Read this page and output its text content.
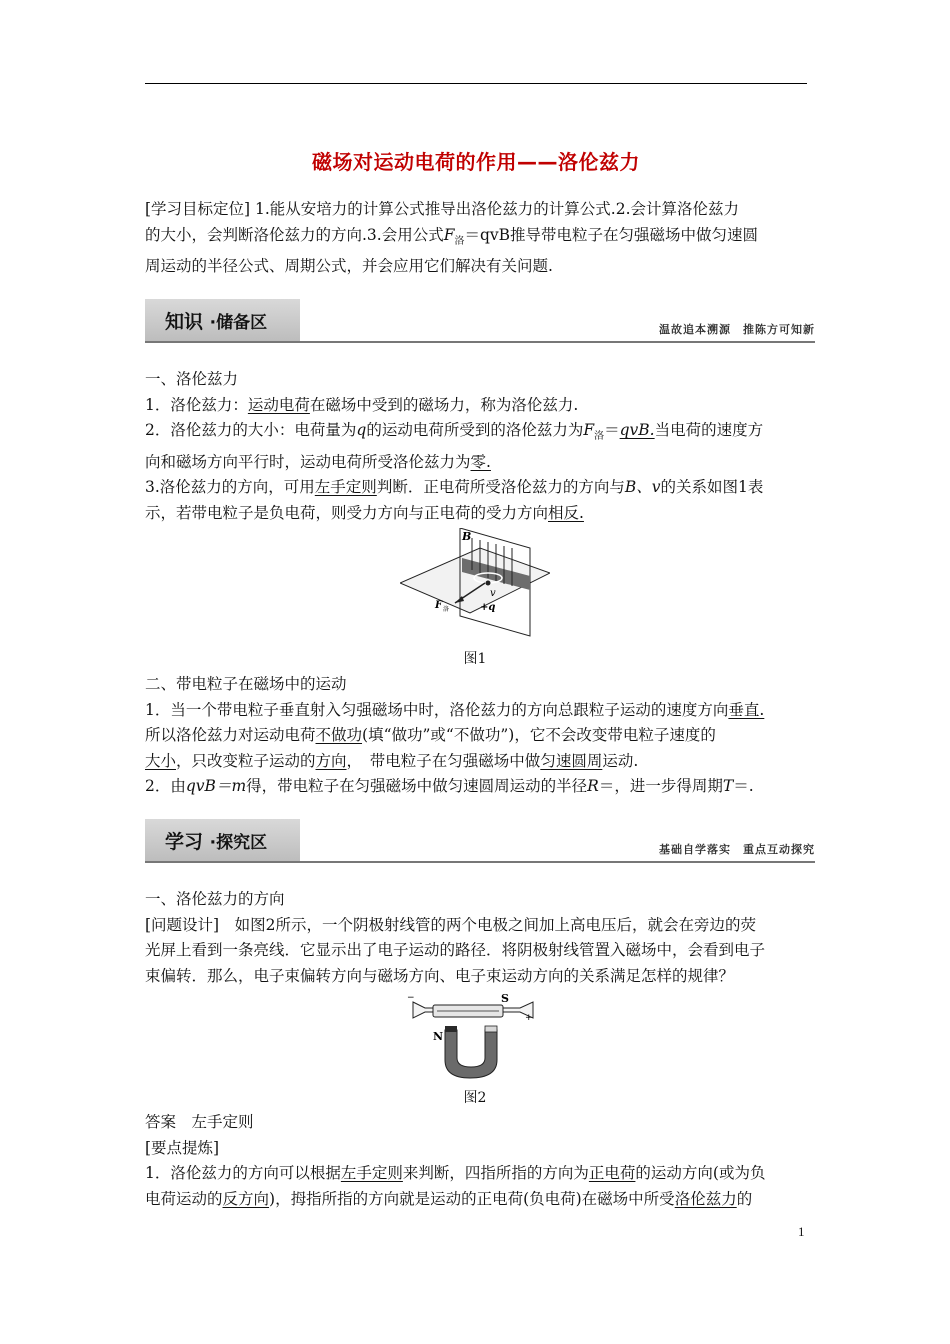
磁场对运动电荷的作用——洛伦兹力
[学习目标定位] 1.能从安培力的计算公式推导出洛伦兹力的计算公式.2.会计算洛伦兹力
的大小，会判断洛伦兹力的方向.3.会用公式$F_洛=qvB$推导带电粒子在匀强磁场中做匀速圆
周运动的半径公式、周期公式，并会应用它们解决有关问题.
知识 ·储备区	温故追本溯源　推陈方可知新
一、洛伦兹力
1．洛伦兹力：运动电荷在磁场中受到的磁场力，称为洛伦兹力.
2．洛伦兹力的大小：电荷量为q的运动电荷所受到的洛伦兹力为$F_洛=qvB$.当电荷的速度方
向和磁场方向平行时，运动电荷所受洛伦兹力为零.
3.洛伦兹力的方向，可用左手定则判断．正电荷所受洛伦兹力的方向与B、v的关系如图1表
示，若带电粒子是负电荷，则受力方向与正电荷的受力方向相反.
B
v
F 洛	+q
图1
二、带电粒子在磁场中的运动
1．当一个带电粒子垂直射入匀强磁场中时，洛伦兹力的方向总跟粒子运动的速度方向垂直.
所以洛伦兹力对运动电荷不做功(填“做功”或“不做功”)，它不会改变带电粒子速度的
大小，只改变粒子运动的方向，　带电粒子在匀强磁场中做匀速圆周运动.
2．由qvB＝m得，带电粒子在匀强磁场中做匀速圆周运动的半径R＝，进一步得周期T＝.
学习 ·探究区	基础自学落实　重点互动探究
一、洛伦兹力的方向
[问题设计]　如图2所示，一个阴极射线管的两个电极之间加上高电压后，就会在旁边的荧
光屏上看到一条亮线．它显示出了电子运动的路径．将阴极射线管置入磁场中，会看到电子
束偏转．那么，电子束偏转方向与磁场方向、电子束运动方向的关系满足怎样的规律？
S
N
+
−
图2
答案　左手定则
[要点提炼]
1．洛伦兹力的方向可以根据左手定则来判断，四指所指的方向为正电荷的运动方向(或为负
电荷运动的反方向)，拇指所指的方向就是运动的正电荷(负电荷)在磁场中所受洛伦兹力的
1
